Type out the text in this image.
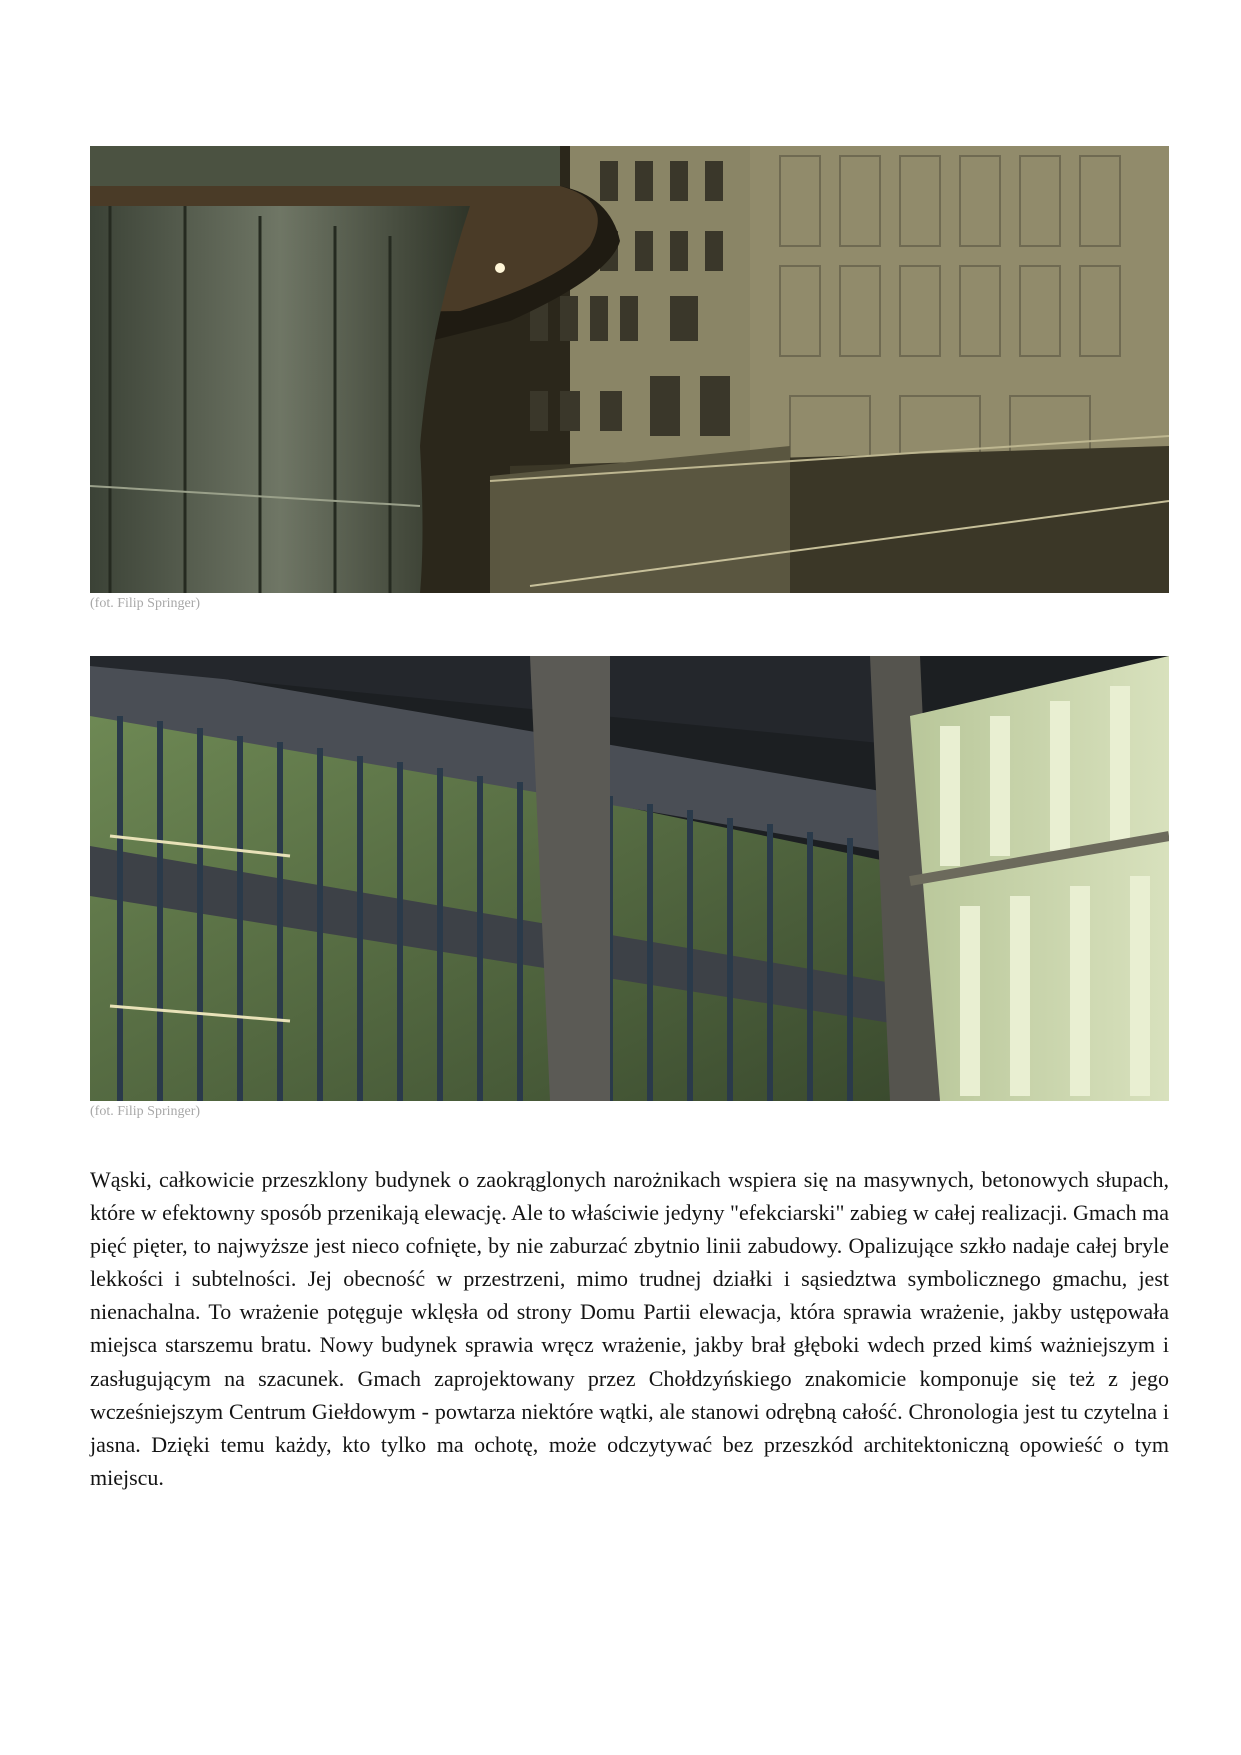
(fot. Filip Springer)
(fot. Filip Springer)

Wąski, całkowicie przeszklony budynek o zaokrąglonych narożnikach wspiera się na masywnych, betonowych słupach, które w efektowny sposób przenikają elewację. Ale to właściwie jedyny "efekciarski" zabieg w całej realizacji. Gmach ma pięć pięter, to najwyższe jest nieco cofnięte, by nie zaburzać zbytnio linii zabudowy. Opalizujące szkło nadaje całej bryle lekkości i subtelności. Jej obecność w przestrzeni, mimo trudnej działki i sąsiedztwa symbolicznego gmachu, jest nienachalna. To wrażenie potęguje wklęsła od strony Domu Partii elewacja, która sprawia wrażenie, jakby ustępowała miejsca starszemu bratu. Nowy budynek sprawia wręcz wrażenie, jakby brał głęboki wdech przed kimś ważniejszym i zasługującym na szacunek. Gmach zaprojektowany przez Chołdzyńskiego znakomicie komponuje się też z jego wcześniejszym Centrum Giełdowym - powtarza niektóre wątki, ale stanowi odrębną całość. Chronologia jest tu czytelna i jasna. Dzięki temu każdy, kto tylko ma ochotę, może odczytywać bez przeszkód architektoniczną opowieść o tym miejscu.
